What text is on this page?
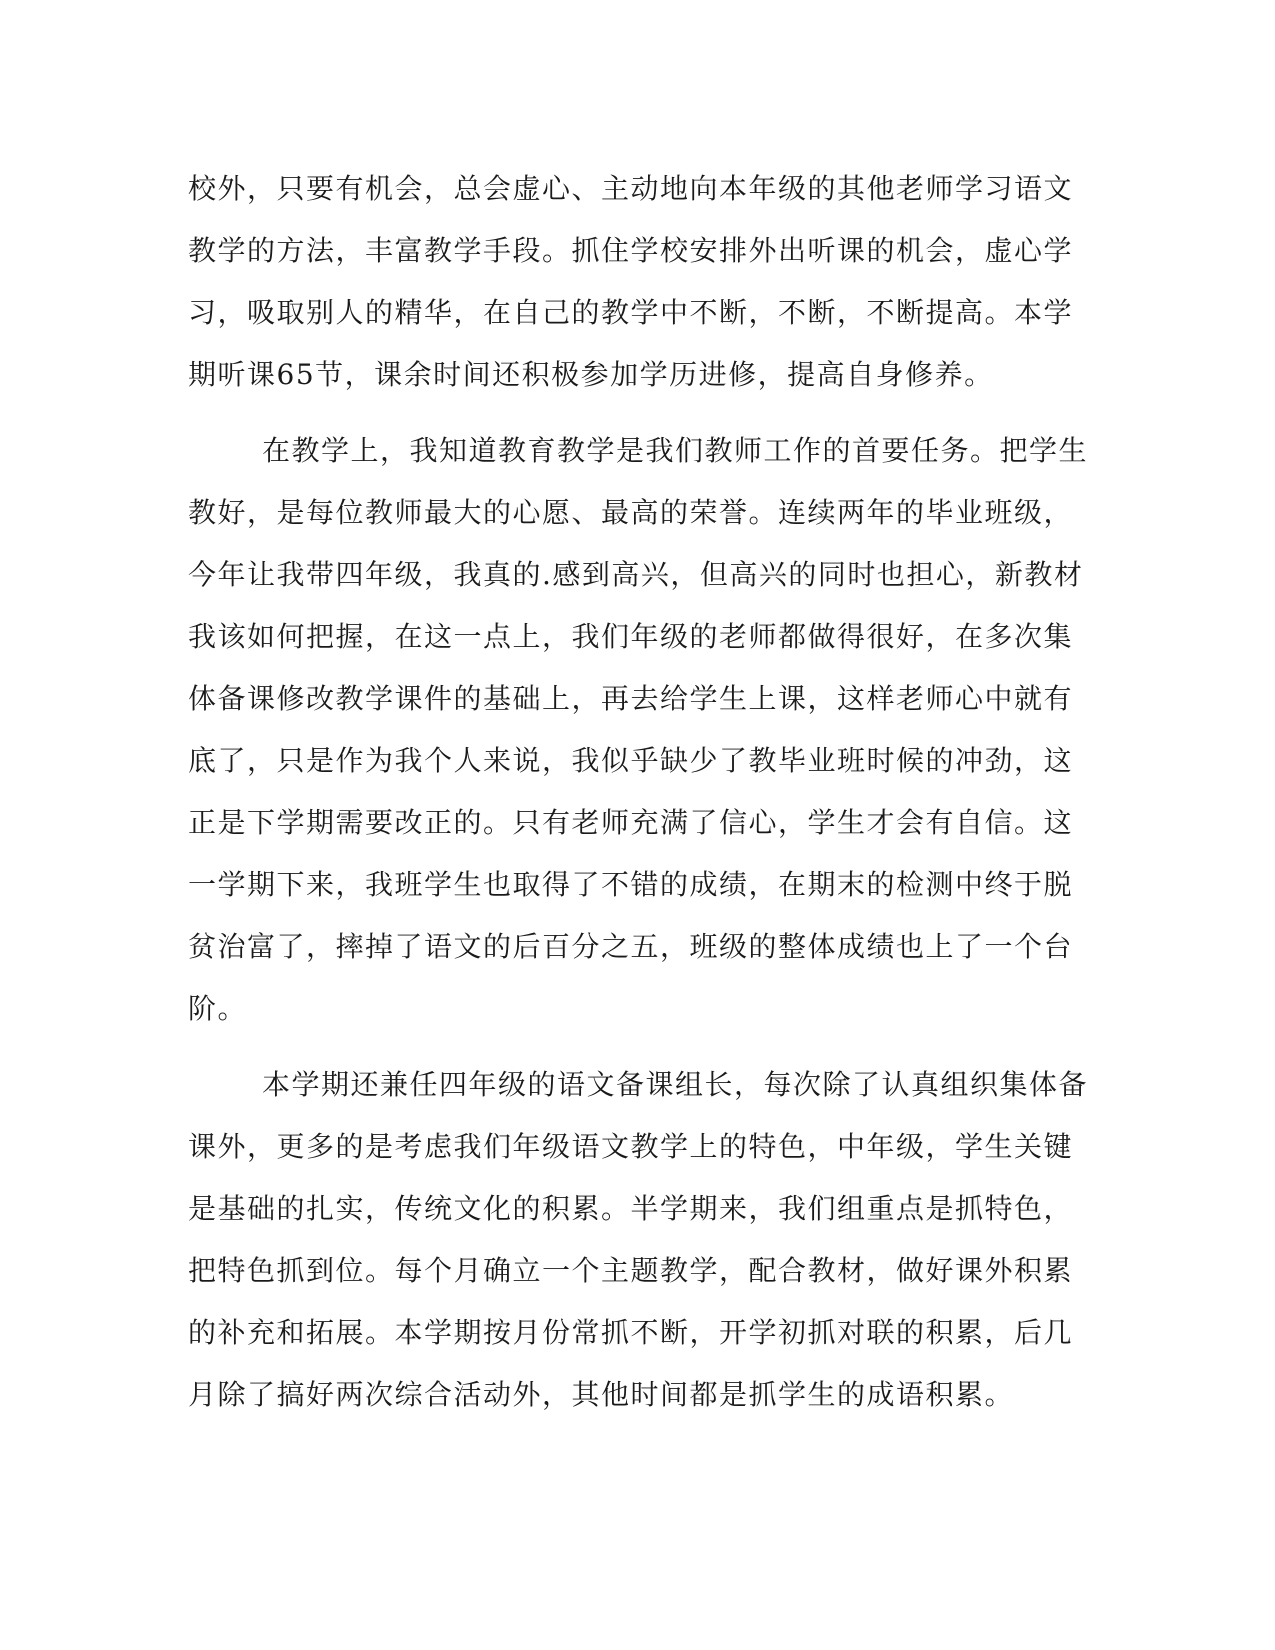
校外，只要有机会，总会虚心、主动地向本年级的其他老师学习语文
教学的方法，丰富教学手段。抓住学校安排外出听课的机会，虚心学
习，吸取别人的精华，在自己的教学中不断，不断，不断提高。本学
期听课65节，课余时间还积极参加学历进修，提高自身修养。
在教学上，我知道教育教学是我们教师工作的首要任务。把学生
教好，是每位教师最大的心愿、最高的荣誉。连续两年的毕业班级，
今年让我带四年级，我真的.感到高兴，但高兴的同时也担心，新教材
我该如何把握，在这一点上，我们年级的老师都做得很好，在多次集
体备课修改教学课件的基础上，再去给学生上课，这样老师心中就有
底了，只是作为我个人来说，我似乎缺少了教毕业班时候的冲劲，这
正是下学期需要改正的。只有老师充满了信心，学生才会有自信。这
一学期下来，我班学生也取得了不错的成绩，在期末的检测中终于脱
贫治富了，摔掉了语文的后百分之五，班级的整体成绩也上了一个台
阶。
本学期还兼任四年级的语文备课组长，每次除了认真组织集体备
课外，更多的是考虑我们年级语文教学上的特色，中年级，学生关键
是基础的扎实，传统文化的积累。半学期来，我们组重点是抓特色，
把特色抓到位。每个月确立一个主题教学，配合教材，做好课外积累
的补充和拓展。本学期按月份常抓不断，开学初抓对联的积累，后几
月除了搞好两次综合活动外，其他时间都是抓学生的成语积累。
